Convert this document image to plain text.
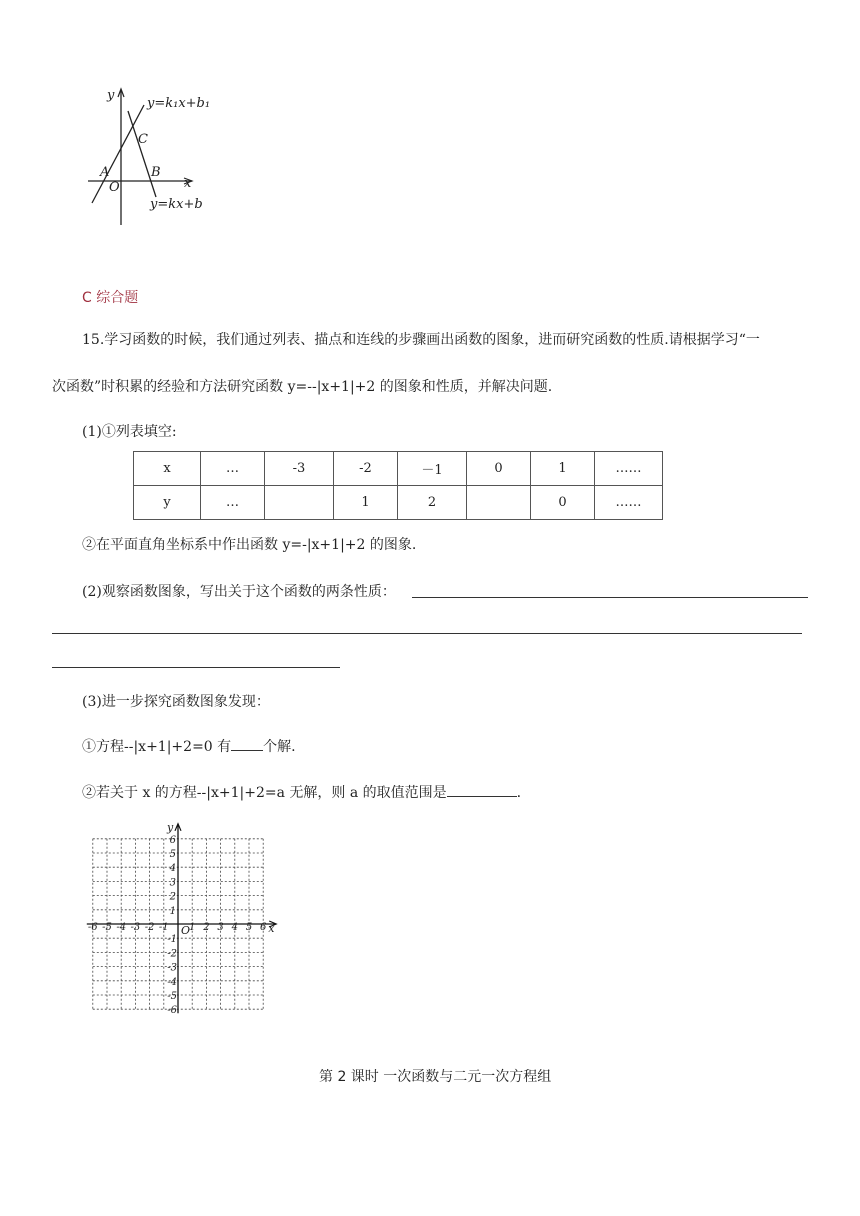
y
y=k₁x+b₁
C
A	B
O	x
y=kx+b
C 综合题
15.学习函数的时候，我们通过列表、描点和连线的步骤画出函数的图象，进而研究函数的性质.请根据学习“一
次函数”时积累的经验和方法研究函数 y=--|x+1|+2 的图象和性质，并解决问题.
(1)①列表填空:
x	…	-3	-2	－1	0	1	……
y	…		1	2		0	……
②在平面直角坐标系中作出函数 y=-|x+1|+2 的图象.
(2)观察函数图象，写出关于这个函数的两条性质：
(3)进一步探究函数图象发现：
①方程--|x+1|+2=0 有 个解.
②若关于 x 的方程--|x+1|+2=a 无解，则 a 的取值范围是	.
-6 -5 -4 -3 -2 -1 1 2 3 4 5 6
6
5
4
3
2
1
-1
-2
-3
-4
-5
-6
O	x
y
第 2 课时 一次函数与二元一次方程组
